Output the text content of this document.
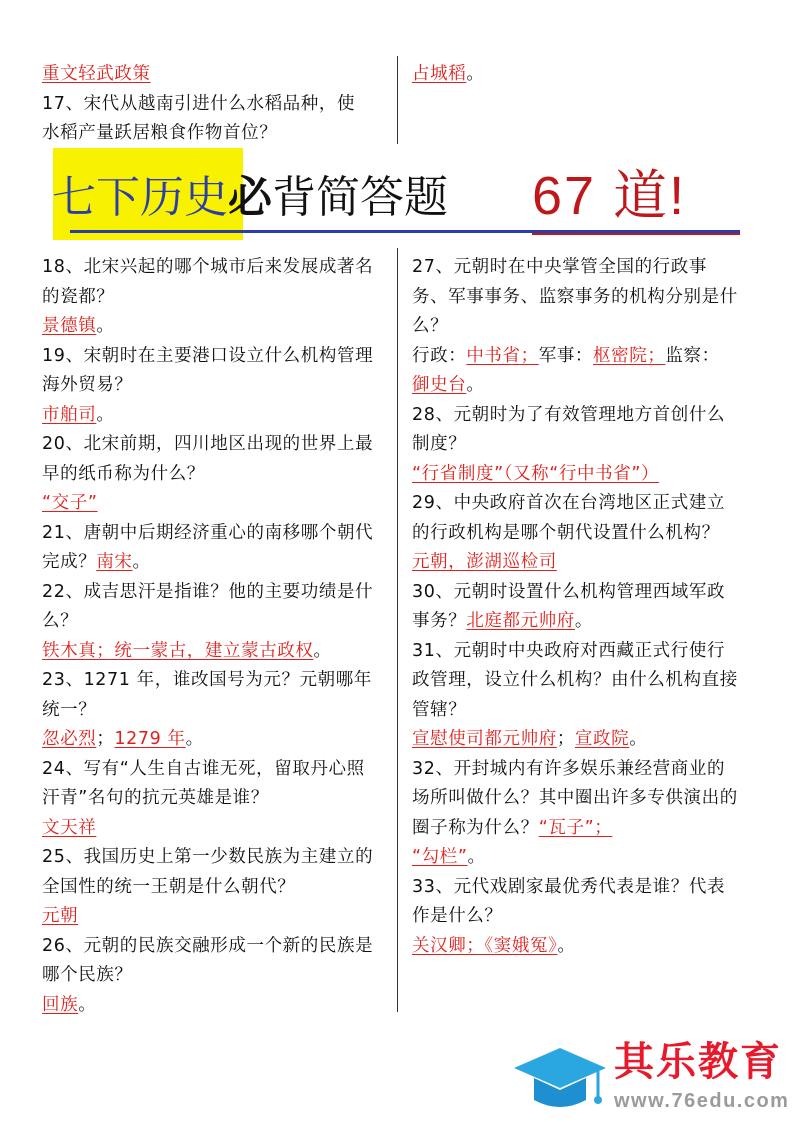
重文轻武政策

17、宋代从越南引进什么水稻品种，使水稻产量跃居粮食作物首位？

占城稻。

七下历史必背简答题 67 道!

18、北宋兴起的哪个城市后来发展成著名的瓷都？

景德镇。

19、宋朝时在主要港口设立什么机构管理海外贸易？

市舶司。

20、北宋前期，四川地区出现的世界上最早的纸币称为什么？

“交子”

21、唐朝中后期经济重心的南移哪个朝代完成？南宋。

22、成吉思汗是指谁？他的主要功绩是什么？

铁木真；统一蒙古，建立蒙古政权。

23、1271 年，谁改国号为元？元朝哪年统一？

忽必烈；1279 年。

24、写有“人生自古谁无死，留取丹心照汗青”名句的抗元英雄是谁？

文天祥

25、我国历史上第一少数民族为主建立的全国性的统一王朝是什么朝代？

元朝

26、元朝的民族交融形成一个新的民族是哪个民族？

回族。

27、元朝时在中央掌管全国的行政事务、军事事务、监察事务的机构分别是什么？

行政：中书省；军事：枢密院；监察：

御史台。

28、元朝时为了有效管理地方首创什么制度？

“行省制度”（又称“行中书省”）

29、中央政府首次在台湾地区正式建立的行政机构是哪个朝代设置什么机构？

元朝，澎湖巡检司

30、元朝时设置什么机构管理西域军政事务？北庭都元帅府。

31、元朝时中央政府对西藏正式行使行政管理，设立什么机构？由什么机构直接管辖？

宣慰使司都元帅府；宣政院。

32、开封城内有许多娱乐兼经营商业的场所叫做什么？其中圈出许多专供演出的圈子称为什么？“瓦子”；

“勾栏”。

33、元代戏剧家最优秀代表是谁？代表作是什么？

关汉卿；《窦娥冤》。

其乐教育
www.76edu.com
